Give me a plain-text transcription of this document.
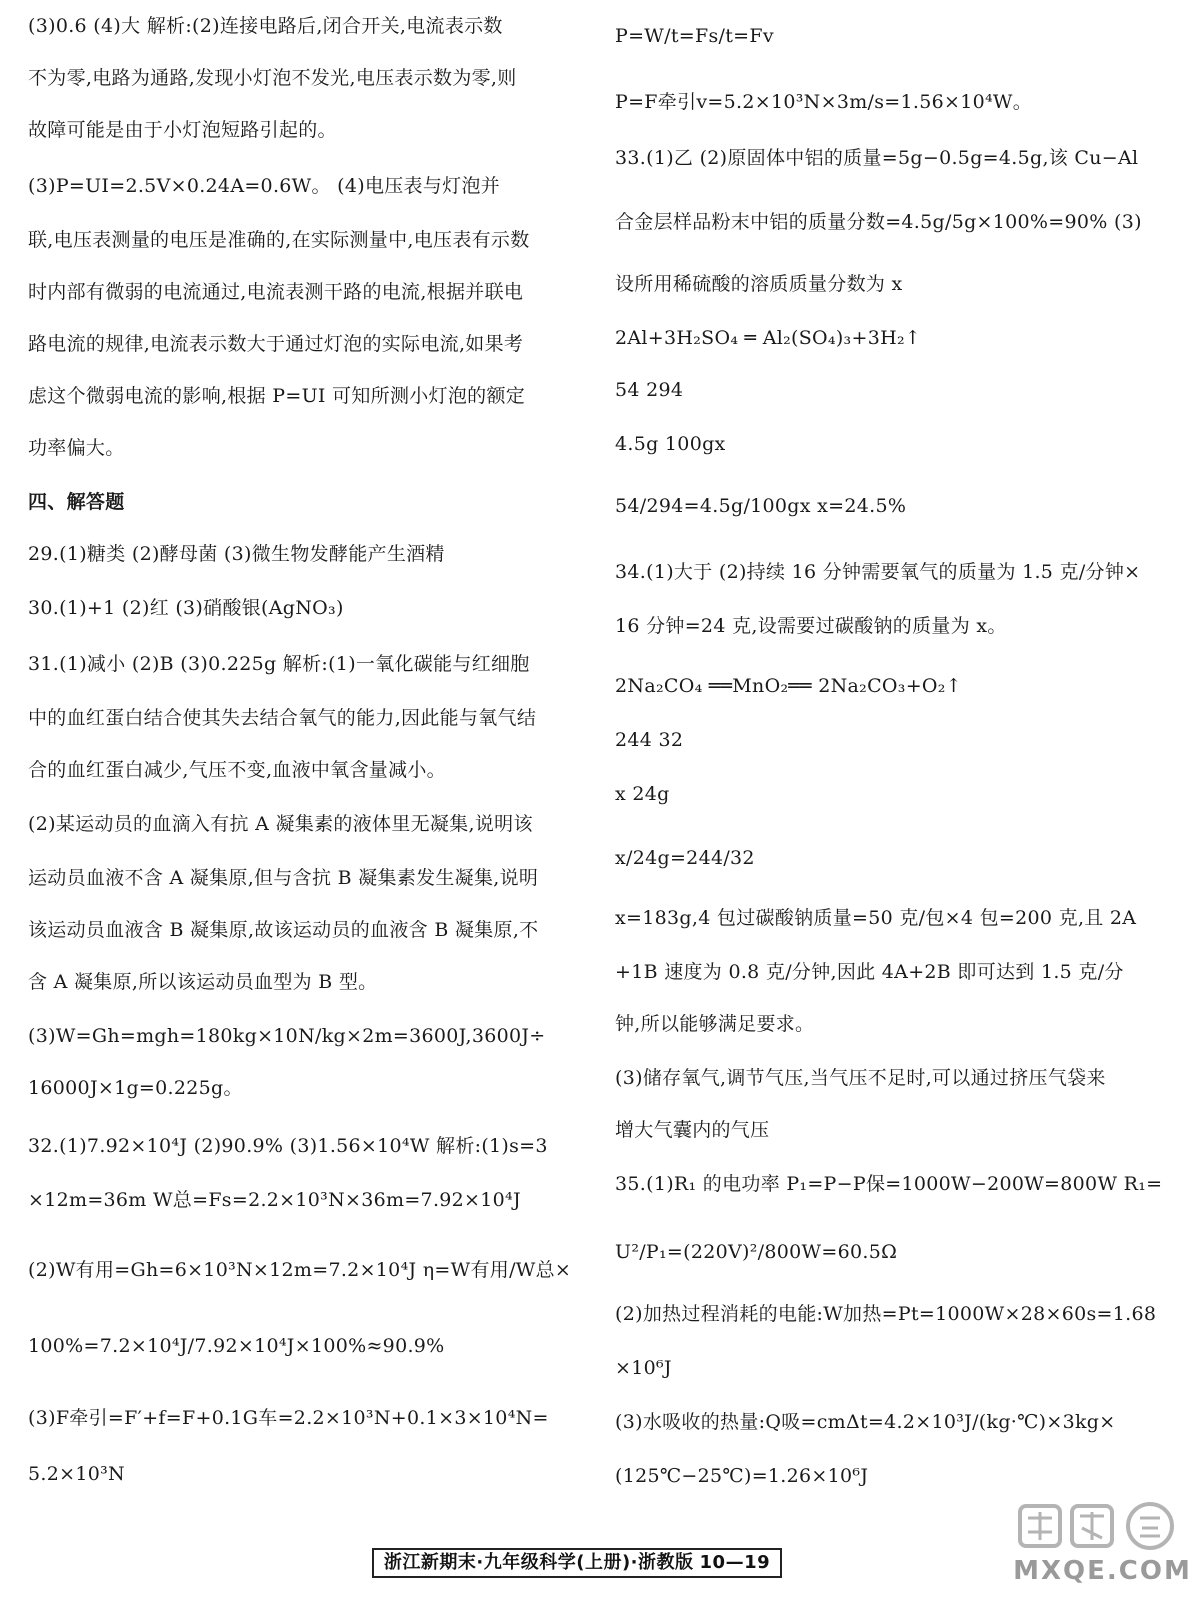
(3)0.6 (4)大 解析:(2)连接电路后,闭合开关,电流表示数
不为零,电路为通路,发现小灯泡不发光,电压表示数为零,则
故障可能是由于小灯泡短路引起的。
(3)P=UI=2.5V×0.24A=0.6W。 (4)电压表与灯泡并
联,电压表测量的电压是准确的,在实际测量中,电压表有示数
时内部有微弱的电流通过,电流表测干路的电流,根据并联电
路电流的规律,电流表示数大于通过灯泡的实际电流,如果考
虑这个微弱电流的影响,根据 P=UI 可知所测小灯泡的额定
功率偏大。
四、解答题
29.(1)糖类 (2)酵母菌 (3)微生物发酵能产生酒精
30.(1)+1 (2)红 (3)硝酸银(AgNO₃)
31.(1)减小 (2)B (3)0.225g 解析:(1)一氧化碳能与红细胞
中的血红蛋白结合使其失去结合氧气的能力,因此能与氧气结
合的血红蛋白减少,气压不变,血液中氧含量减小。
(2)某运动员的血滴入有抗 A 凝集素的液体里无凝集,说明该
运动员血液不含 A 凝集原,但与含抗 B 凝集素发生凝集,说明
该运动员血液含 B 凝集原,故该运动员的血液含 B 凝集原,不
含 A 凝集原,所以该运动员血型为 B 型。
(3)W=Gh=mgh=180kg×10N/kg×2m=3600J,3600J÷
16000J×1g=0.225g。
32.(1)7.92×10⁴J (2)90.9% (3)1.56×10⁴W 解析:(1)s=3
×12m=36m W总=Fs=2.2×10³N×36m=7.92×10⁴J
(2)W有用=Gh=6×10³N×12m=7.2×10⁴J η=W有用/W总×
100%=7.2×10⁴J/7.92×10⁴J×100%≈90.9%
(3)F牵引=F′+f=F+0.1G车=2.2×10³N+0.1×3×10⁴N=
5.2×10³N
P=W/t=Fs/t=Fv
P=F牵引v=5.2×10³N×3m/s=1.56×10⁴W。
33.(1)乙 (2)原固体中铝的质量=5g−0.5g=4.5g,该 Cu−Al
合金层样品粉末中铝的质量分数=4.5g/5g×100%=90% (3)
设所用稀硫酸的溶质质量分数为 x
2Al+3H₂SO₄ ═ Al₂(SO₄)₃+3H₂↑
54 294
4.5g 100gx
54/294=4.5g/100gx x=24.5%
34.(1)大于 (2)持续 16 分钟需要氧气的质量为 1.5 克/分钟×
16 分钟=24 克,设需要过碳酸钠的质量为 x。
2Na₂CO₄ ══MnO₂══ 2Na₂CO₃+O₂↑
244 32
x 24g
x/24g=244/32
x=183g,4 包过碳酸钠质量=50 克/包×4 包=200 克,且 2A
+1B 速度为 0.8 克/分钟,因此 4A+2B 即可达到 1.5 克/分
钟,所以能够满足要求。
(3)储存氧气,调节气压,当气压不足时,可以通过挤压气袋来
增大气囊内的气压
35.(1)R₁ 的电功率 P₁=P−P保=1000W−200W=800W R₁=
U²/P₁=(220V)²/800W=60.5Ω
(2)加热过程消耗的电能:W加热=Pt=1000W×28×60s=1.68
×10⁶J
(3)水吸收的热量:Q吸=cmΔt=4.2×10³J/(kg·℃)×3kg×
(125℃−25℃)=1.26×10⁶J
浙江新期末·九年级科学(上册)·浙教版 10—19	MXQE.COM
